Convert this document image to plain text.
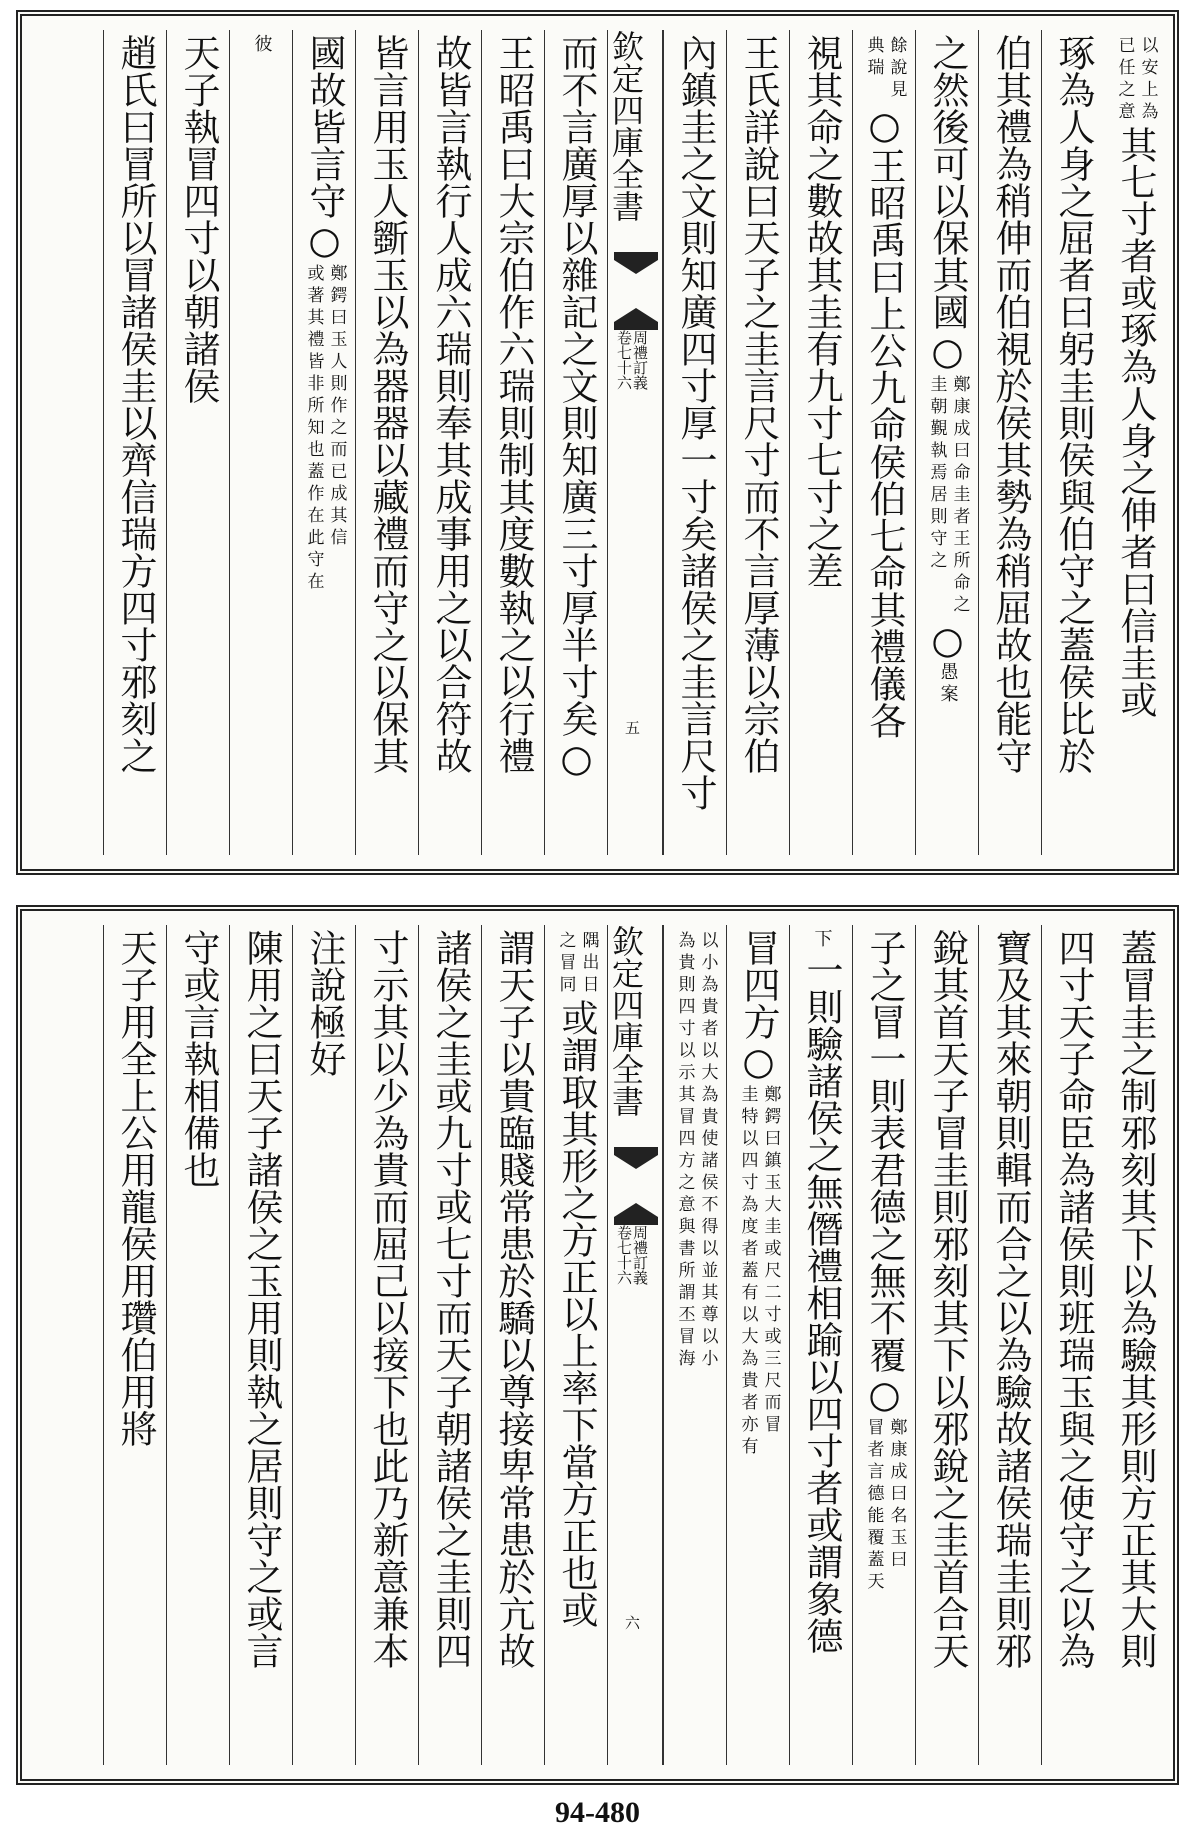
以安上為
已任之意
其七寸者或琢為人身之伸者曰信圭或
琢為人身之屈者曰躬圭則侯與伯守之蓋侯比於
伯其禮為稍伸而伯視於侯其勢為稍屈故也能守
之然後可以保其國
○
鄭康成曰命圭者王所命之
圭朝覲執焉居則守之
○
愚案
餘說見
典瑞
○王昭禹曰上公九命侯伯七命其禮儀各
視其命之數故其圭有九寸七寸之差
王氏詳說曰天子之圭言尺寸而不言厚薄以宗伯
內鎮圭之文則知廣四寸厚一寸矣諸侯之圭言尺寸
欽定四庫全書
周禮訂義
卷七十六
五
而不言廣厚以雜記之文則知廣三寸厚半寸矣○
王昭禹曰大宗伯作六瑞則制其度數執之以行禮
故皆言執行人成六瑞則奉其成事用之以合符故
皆言用玉人斵玉以為器器以藏禮而守之以保其
國故皆言守
○
鄭鍔曰玉人則作之而已成其信
或著其禮皆非所知也蓋作在此守在
彼
天子執冒四寸以朝諸侯
趙氏曰冒所以冒諸侯圭以齊信瑞方四寸邪刻之
蓋冒圭之制邪刻其下以為驗其形則方正其大則
四寸天子命臣為諸侯則班瑞玉與之使守之以為
寶及其來朝則輯而合之以為驗故諸侯瑞圭則邪
銳其首天子冒圭則邪刻其下以邪銳之圭首合天
子之冒一則表君德之無不覆
○
鄭康成曰名玉曰
冒者言德能覆蓋天
下
一則驗諸侯之無僭禮相踰以四寸者或謂象德
冒四方
○
鄭鍔曰鎮玉大圭或尺二寸或三尺而冒
圭特以四寸為度者蓋有以大為貴者亦有
以小為貴者以大為貴使諸侯不得以並其尊以小
為貴則四寸以示其冒四方之意與書所謂丕冒海
欽定四庫全書
周禮訂義
卷七十六
六
隅出日
之冒同
或謂取其形之方正以上率下當方正也或
謂天子以貴臨賤常患於驕以尊接卑常患於亢故
諸侯之圭或九寸或七寸而天子朝諸侯之圭則四
寸示其以少為貴而屈己以接下也此乃新意兼本
注說極好
陳用之曰天子諸侯之玉用則執之居則守之或言
守或言執相備也
天子用全上公用龍侯用瓚伯用將
94-480
